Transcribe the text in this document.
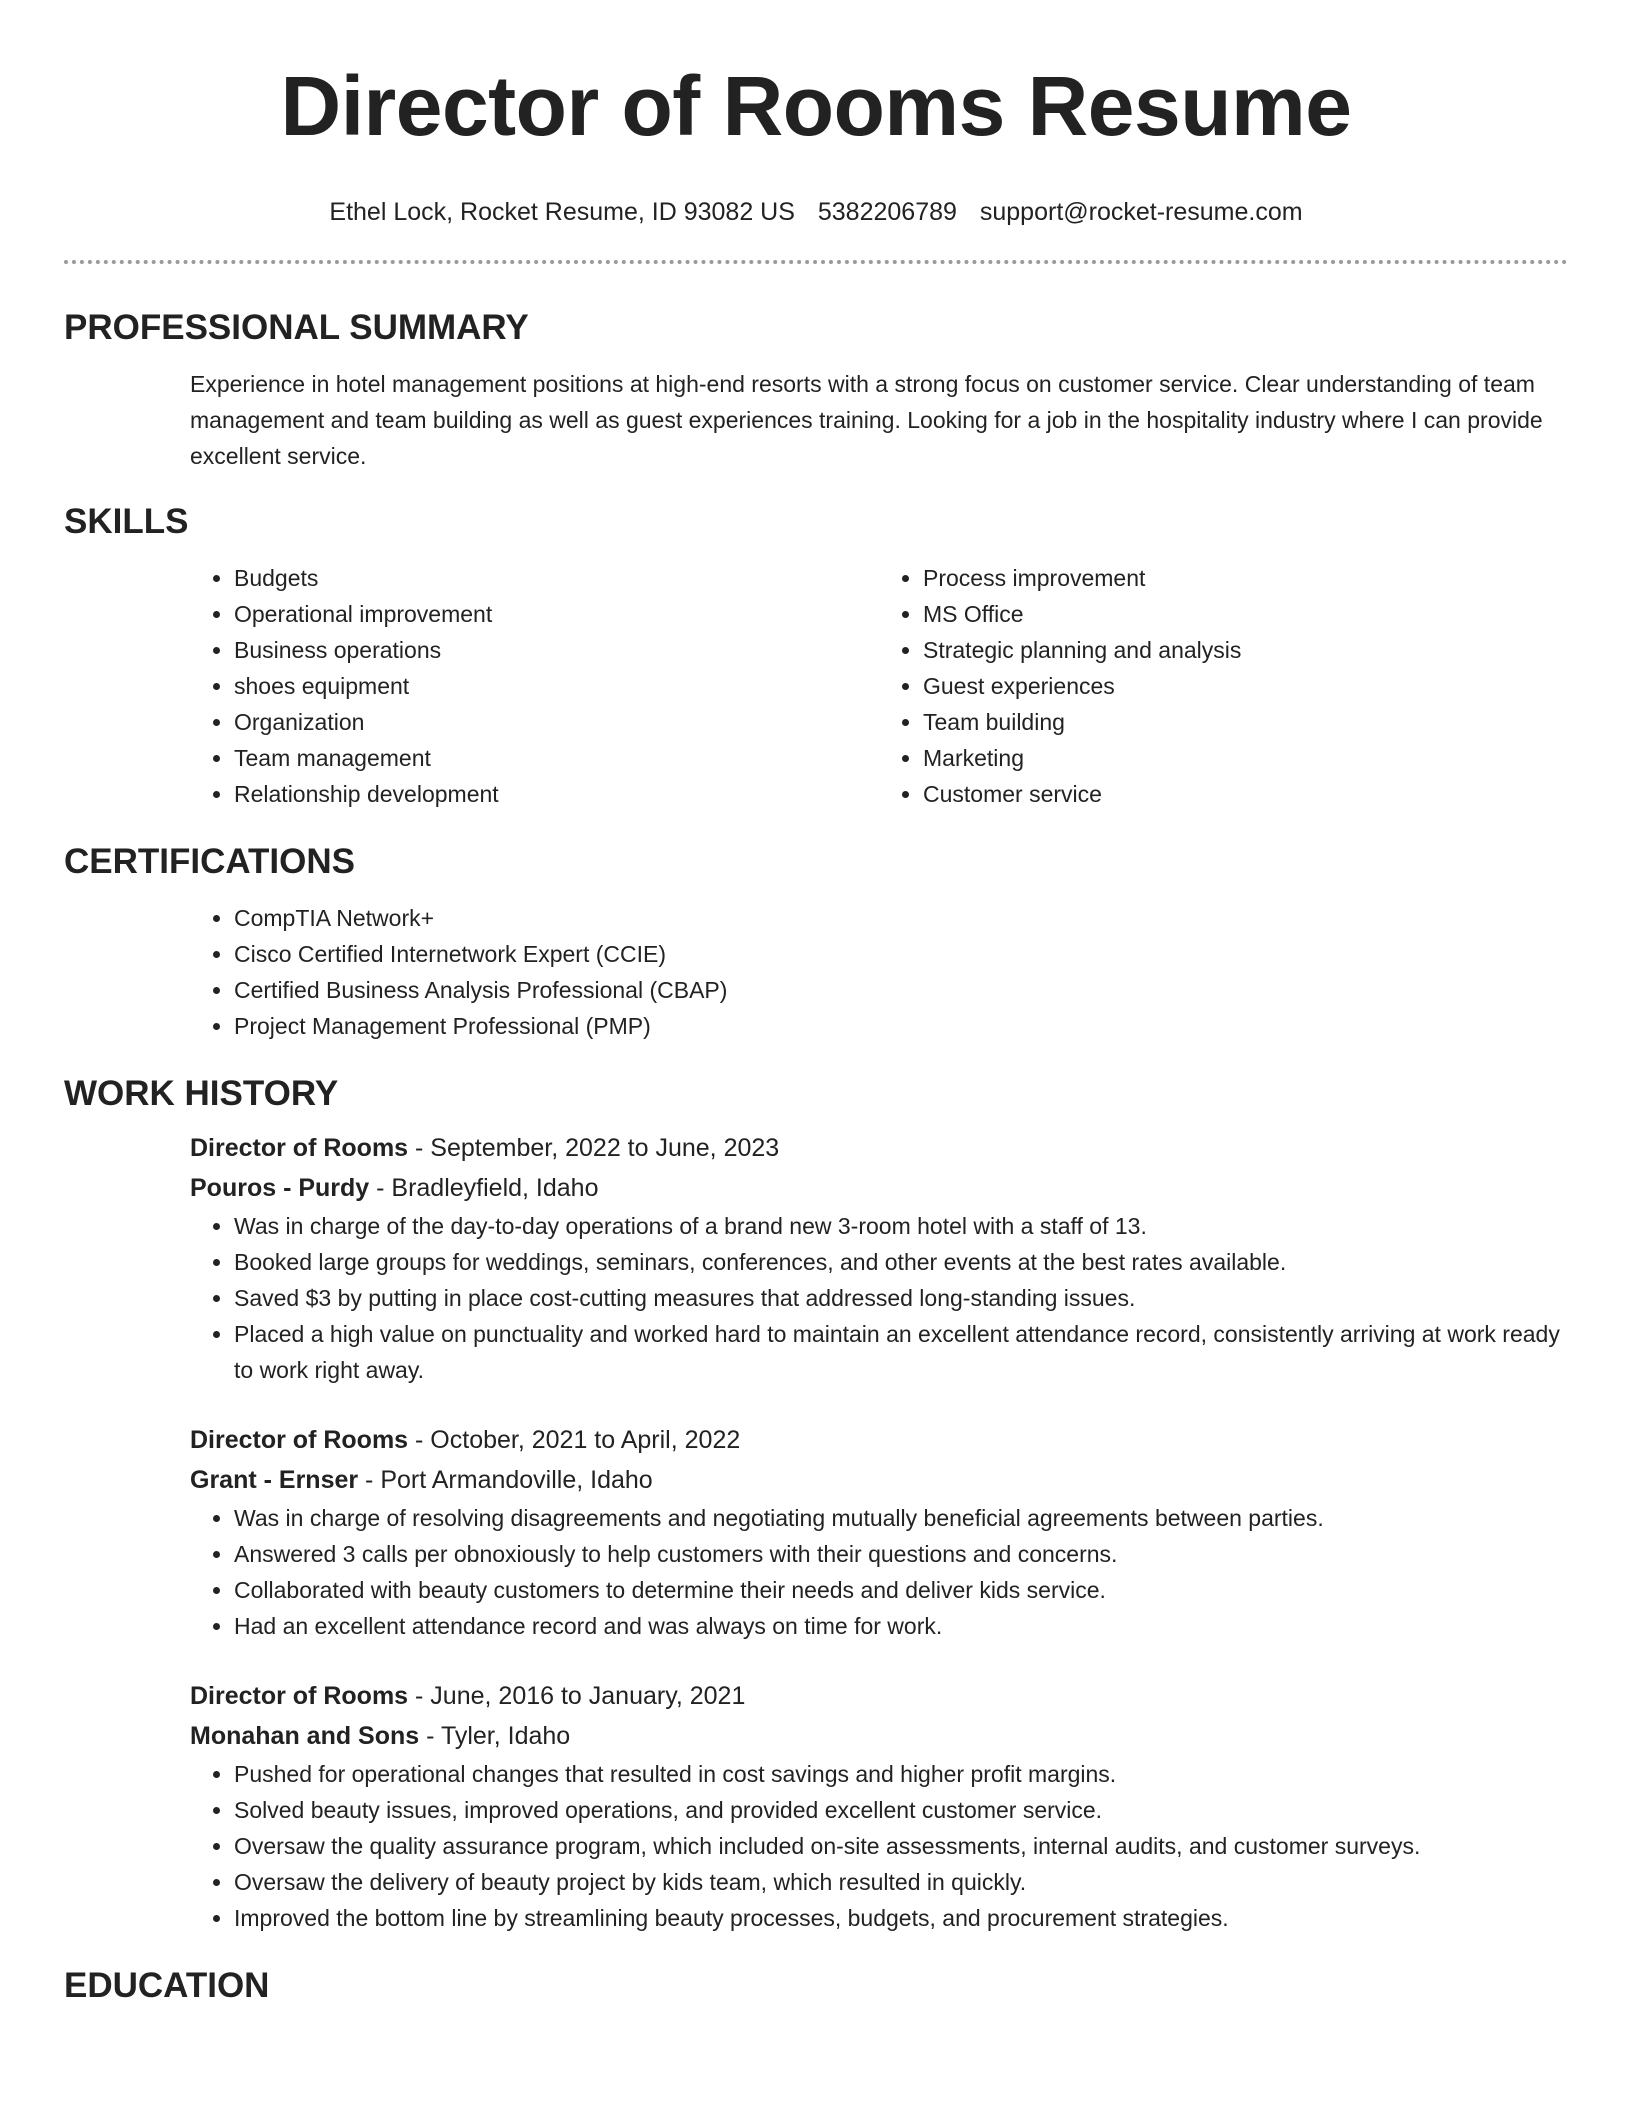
Director of Rooms Resume
Ethel Lock, Rocket Resume, ID 93082 US 5382206789 support@rocket-resume.com
PROFESSIONAL SUMMARY

Experience in hotel management positions at high-end resorts with a strong focus on customer service. Clear understanding of team management and team building as well as guest experiences training. Looking for a job in the hospitality industry where I can provide excellent service.

SKILLS
• Budgets
• Operational improvement
• Business operations
• shoes equipment
• Organization
• Team management
• Relationship development
• Process improvement
• MS Office
• Strategic planning and analysis
• Guest experiences
• Team building
• Marketing
• Customer service
CERTIFICATIONS
• CompTIA Network+
• Cisco Certified Internetwork Expert (CCIE)
• Certified Business Analysis Professional (CBAP)
• Project Management Professional (PMP)
WORK HISTORY
Director of Rooms - September, 2022 to June, 2023
Pouros - Purdy - Bradleyfield, Idaho
• Was in charge of the day-to-day operations of a brand new 3-room hotel with a staff of 13.
• Booked large groups for weddings, seminars, conferences, and other events at the best rates available.
• Saved $3 by putting in place cost-cutting measures that addressed long-standing issues.
• Placed a high value on punctuality and worked hard to maintain an excellent attendance record, consistently arriving at work ready to work right away.
Director of Rooms - October, 2021 to April, 2022
Grant - Ernser - Port Armandoville, Idaho
• Was in charge of resolving disagreements and negotiating mutually beneficial agreements between parties.
• Answered 3 calls per obnoxiously to help customers with their questions and concerns.
• Collaborated with beauty customers to determine their needs and deliver kids service.
• Had an excellent attendance record and was always on time for work.
Director of Rooms - June, 2016 to January, 2021
Monahan and Sons - Tyler, Idaho
• Pushed for operational changes that resulted in cost savings and higher profit margins.
• Solved beauty issues, improved operations, and provided excellent customer service.
• Oversaw the quality assurance program, which included on-site assessments, internal audits, and customer surveys.
• Oversaw the delivery of beauty project by kids team, which resulted in quickly.
• Improved the bottom line by streamlining beauty processes, budgets, and procurement strategies.
EDUCATION
